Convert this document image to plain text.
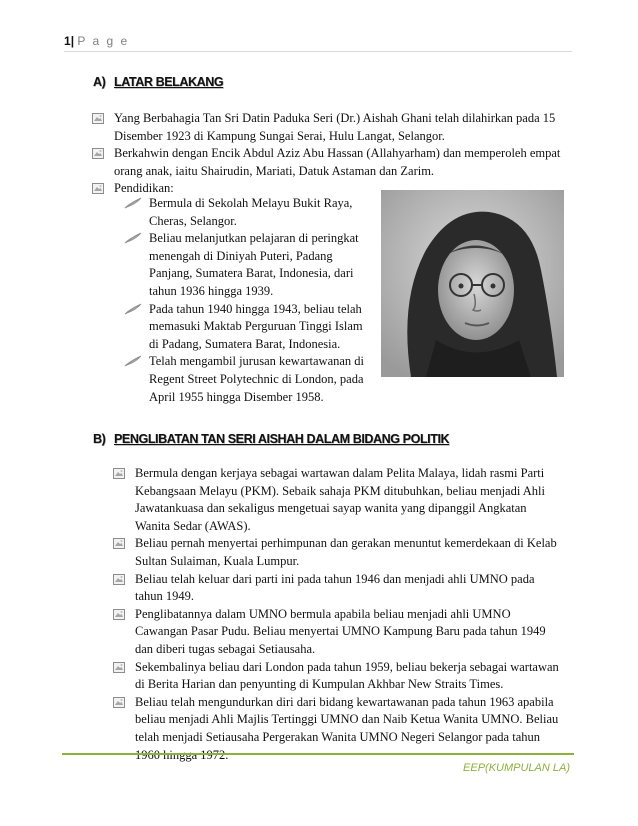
1| P a g e
A) LATAR BELAKANG
Yang Berbahagia Tan Sri Datin Paduka Seri (Dr.) Aishah Ghani telah dilahirkan pada 15 Disember 1923 di Kampung Sungai Serai, Hulu Langat, Selangor.
Berkahwin dengan Encik Abdul Aziz Abu Hassan (Allahyarham) dan memperoleh empat orang anak, iaitu Shairudin, Mariati, Datuk Astaman dan Zarim.
Pendidikan:
Bermula di Sekolah Melayu Bukit Raya, Cheras, Selangor.
Beliau melanjutkan pelajaran di peringkat menengah di Diniyah Puteri, Padang Panjang, Sumatera Barat, Indonesia, dari tahun 1936 hingga 1939.
Pada tahun 1940 hingga 1943, beliau telah memasuki Maktab Perguruan Tinggi Islam di Padang, Sumatera Barat, Indonesia.
Telah mengambil jurusan kewartawanan di Regent Street Polytechnic di London, pada April 1955 hingga Disember 1958.
B) PENGLIBATAN TAN SERI AISHAH DALAM BIDANG POLITIK
Bermula dengan kerjaya sebagai wartawan dalam Pelita Malaya, lidah rasmi Parti Kebangsaan Melayu (PKM). Sebaik sahaja PKM ditubuhkan, beliau menjadi Ahli Jawatankuasa dan sekaligus mengetuai sayap wanita yang dipanggil Angkatan Wanita Sedar (AWAS).
Beliau pernah menyertai perhimpunan dan gerakan menuntut kemerdekaan di Kelab Sultan Sulaiman, Kuala Lumpur.
Beliau telah keluar dari parti ini pada tahun 1946 dan menjadi ahli UMNO pada tahun 1949.
Penglibatannya dalam UMNO bermula apabila beliau menjadi ahli UMNO Cawangan Pasar Pudu. Beliau menyertai UMNO Kampung Baru pada tahun 1949 dan diberi tugas sebagai Setiausaha.
Sekembalinya beliau dari London pada tahun 1959, beliau bekerja sebagai wartawan di Berita Harian dan penyunting di Kumpulan Akhbar New Straits Times.
Beliau telah mengundurkan diri dari bidang kewartawanan pada tahun 1963 apabila beliau menjadi Ahli Majlis Tertinggi UMNO dan Naib Ketua Wanita UMNO. Beliau telah menjadi Setiausaha Pergerakan Wanita UMNO Negeri Selangor pada tahun
EEP(KUMPULAN LA)
